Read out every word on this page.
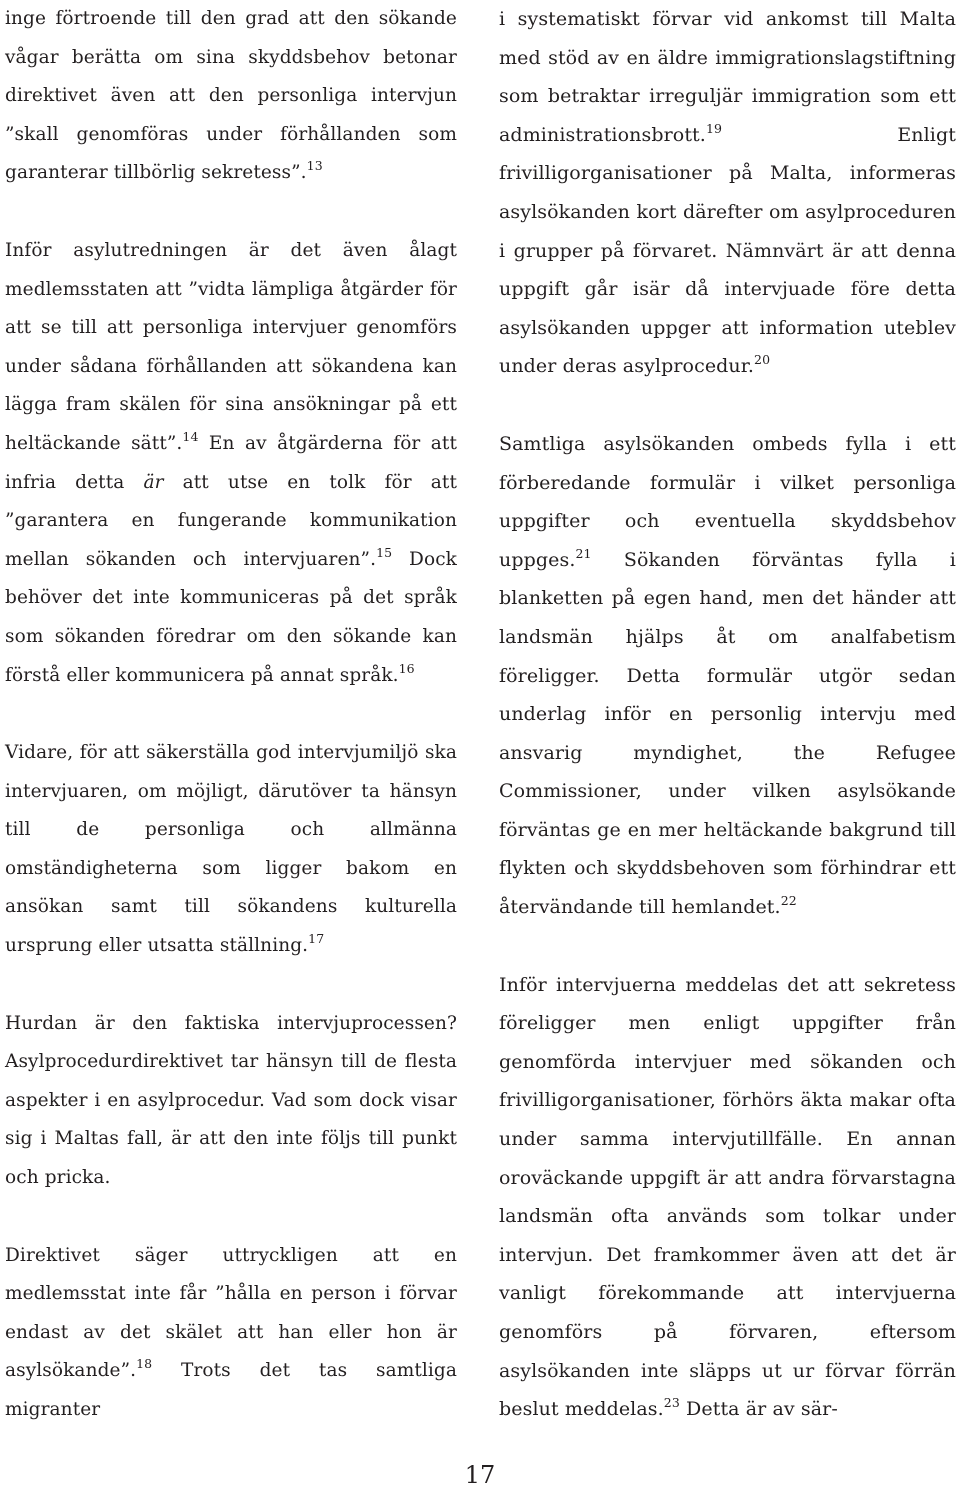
inge förtroende till den grad att den sökande vågar berätta om sina skyddsbehov betonar direktivet även att den personliga intervjun ”skall genomföras under förhållanden som garanterar tillbörlig sekretess”.$^{13}$

Inför asylutredningen är det även ålagt medlemsstaten att ”vidta lämpliga åtgärder för att se till att personliga intervjuer genomförs under sådana förhållanden att sökandena kan lägga fram skälen för sina ansökningar på ett heltäckande sätt”.$^{14}$ En av åtgärderna för att infria detta är att utse en tolk för att ”garantera en fungerande kommunikation mellan sökanden och intervjuaren”.$^{15}$ Dock behöver det inte kommuniceras på det språk som sökanden föredrar om den sökande kan förstå eller kommunicera på annat språk.$^{16}$

Vidare, för att säkerställa god intervjumiljö ska intervjuaren, om möjligt, därutöver ta hänsyn till de personliga och allmänna omständigheterna som ligger bakom en ansökan samt till sökandens kulturella ursprung eller utsatta ställning.$^{17}$

Hurdan är den faktiska intervjuprocessen? Asylprocedurdirektivet tar hänsyn till de flesta aspekter i en asylprocedur. Vad som dock visar sig i Maltas fall, är att den inte följs till punkt och pricka.

Direktivet säger uttryckligen att en medlemsstat inte får ”hålla en person i förvar endast av det skälet att han eller hon är asylsökande”.$^{18}$ Trots det tas samtliga migranter

i systematiskt förvar vid ankomst till Malta med stöd av en äldre immigrationslagstiftning som betraktar irreguljär immigration som ett administrationsbrott.$^{19}$ Enligt frivilligorganisationer på Malta, informeras asylsökanden kort därefter om asylproceduren i grupper på förvaret. Nämnvärt är att denna uppgift går isär då intervjuade före detta asylsökanden uppger att information uteblev under deras asylprocedur.$^{20}$

Samtliga asylsökanden ombeds fylla i ett förberedande formulär i vilket personliga uppgifter och eventuella skyddsbehov uppges.$^{21}$ Sökanden förväntas fylla i blanketten på egen hand, men det händer att landsmän hjälps åt om analfabetism föreligger. Detta formulär utgör sedan underlag inför en personlig intervju med ansvarig myndighet, the Refugee Commissioner, under vilken asylsökande förväntas ge en mer heltäckande bakgrund till flykten och skyddsbehoven som förhindrar ett återvändande till hemlandet.$^{22}$

Inför intervjuerna meddelas det att sekretess föreligger men enligt uppgifter från genomförda intervjuer med sökanden och frivilligorganisationer, förhörs äkta makar ofta under samma intervjutillfälle. En annan oroväckande uppgift är att andra förvarstagna landsmän ofta används som tolkar under intervjun. Det framkommer även att det är vanligt förekommande att intervjuerna genomförs på förvaren, eftersom asylsökanden inte släpps ut ur förvar förrän beslut meddelas.$^{23}$ Detta är av sär-

17
